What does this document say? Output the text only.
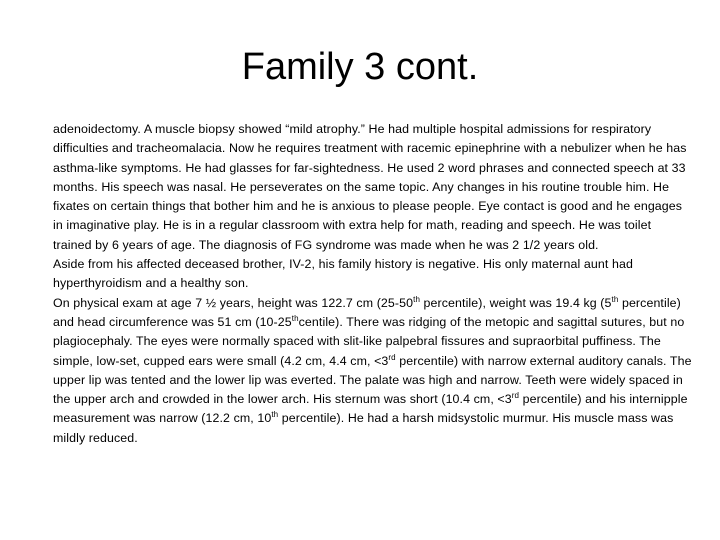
Family 3 cont.

adenoidectomy. A muscle biopsy showed “mild atrophy.” He had multiple hospital admissions for respiratory difficulties and tracheomalacia. Now he requires treatment with racemic epinephrine with a nebulizer when he has asthma-like symptoms. He had glasses for far-sightedness. He used 2 word phrases and connected speech at 33 months. His speech was nasal. He perseverates on the same topic. Any changes in his routine trouble him. He fixates on certain things that bother him and he is anxious to please people. Eye contact is good and he engages in imaginative play. He is in a regular classroom with extra help for math, reading and speech. He was toilet trained by 6 years of age. The diagnosis of FG syndrome was made when he was 2 1/2 years old.

Aside from his affected deceased brother, IV-2, his family history is negative. His only maternal aunt had hyperthyroidism and a healthy son.

On physical exam at age 7 ½ years, height was 122.7 cm (25-50th percentile), weight was 19.4 kg (5th percentile) and head circumference was 51 cm (10-25thcentile). There was ridging of the metopic and sagittal sutures, but no plagiocephaly. The eyes were normally spaced with slit-like palpebral fissures and supraorbital puffiness. The simple, low-set, cupped ears were small (4.2 cm, 4.4 cm, <3rd percentile) with narrow external auditory canals. The upper lip was tented and the lower lip was everted. The palate was high and narrow. Teeth were widely spaced in the upper arch and crowded in the lower arch. His sternum was short (10.4 cm, <3rd percentile) and his internipple measurement was narrow (12.2 cm, 10th percentile). He had a harsh midsystolic murmur. His muscle mass was mildly reduced.
